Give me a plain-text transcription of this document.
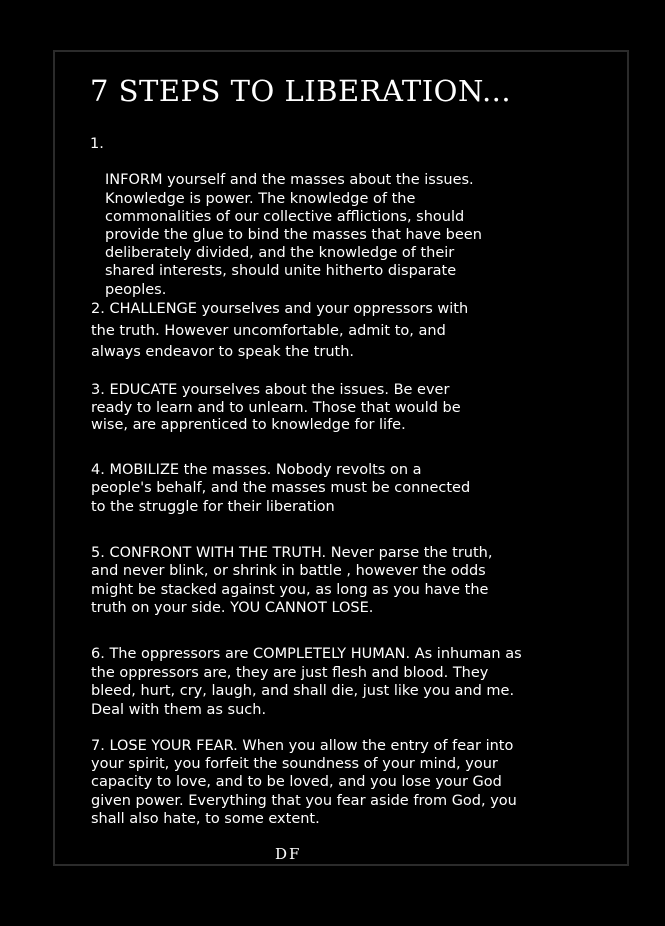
7 STEPS TO LIBERATION...

1.

INFORM yourself and the masses about the issues.
Knowledge is power. The knowledge of the
commonalities of our collective afflictions, should
provide the glue to bind the masses that have been
deliberately divided, and the knowledge of their
shared interests, should unite hitherto disparate
peoples.

2. CHALLENGE yourselves and your oppressors with
the truth. However uncomfortable, admit to, and
always endeavor to speak the truth.

3. EDUCATE yourselves about the issues. Be ever
ready to learn and to unlearn. Those that would be
wise, are apprenticed to knowledge for life.

4. MOBILIZE the masses. Nobody revolts on a
people's behalf, and the masses must be connected
to the struggle for their liberation

5. CONFRONT WITH THE TRUTH. Never parse the truth,
and never blink, or shrink in battle , however the odds
might be stacked against you, as long as you have the
truth on your side. YOU CANNOT LOSE.

6. The oppressors are COMPLETELY HUMAN. As inhuman as
the oppressors are, they are just flesh and blood. They
bleed, hurt, cry, laugh, and shall die, just like you and me.
Deal with them as such.

7. LOSE YOUR FEAR. When you allow the entry of fear into
your spirit, you forfeit the soundness of your mind, your
capacity to love, and to be loved, and you lose your God
given power. Everything that you fear aside from God, you
shall also hate, to some extent.

DF
